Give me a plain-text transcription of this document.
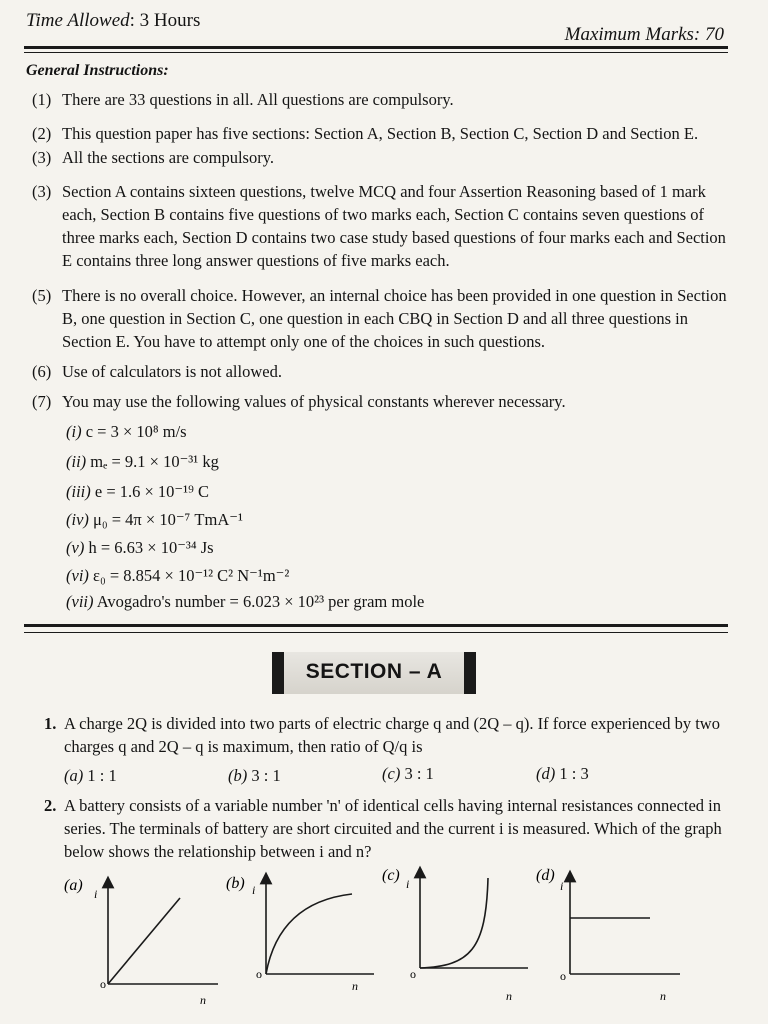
Time Allowed: 3 Hours
Maximum Marks: 70
General Instructions:
(1) There are 33 questions in all. All questions are compulsory.
(2) This question paper has five sections: Section A, Section B, Section C, Section D and Section E.
(3) All the sections are compulsory.
(3) Section A contains sixteen questions, twelve MCQ and four Assertion Reasoning based of 1 mark each, Section B contains five questions of two marks each, Section C contains seven questions of three marks each, Section D contains two case study based questions of four marks each and Section E contains three long answer questions of five marks each.
(5) There is no overall choice. However, an internal choice has been provided in one question in Section B, one question in Section C, one question in each CBQ in Section D and all three questions in Section E. You have to attempt only one of the choices in such questions.
(6) Use of calculators is not allowed.
(7) You may use the following values of physical constants wherever necessary.
(i) c = 3 × 10⁸ m/s
(ii) mₑ = 9.1 × 10⁻³¹ kg
(iii) e = 1.6 × 10⁻¹⁹ C
(iv) μ₀ = 4π × 10⁻⁷ TmA⁻¹
(v) h = 6.63 × 10⁻³⁴ Js
(vi) ε₀ = 8.854 × 10⁻¹² C² N⁻¹m⁻²
(vii) Avogadro's number = 6.023 × 10²³ per gram mole
SECTION – A
1. A charge 2Q is divided into two parts of electric charge q and (2Q – q). If force experienced by two charges q and 2Q – q is maximum, then ratio of Q/q is
(a) 1 : 1	(b) 3 : 1	(c) 3 : 1	(d) 1 : 3
2. A battery consists of a variable number 'n' of identical cells having internal resistances connected in series. The terminals of battery are short circuited and the current i is measured. Which of the graph below shows the relationship between i and n?
(a) i
o
n
(b) i
o
n
(c) i
o
n
(d)
i
o
n
